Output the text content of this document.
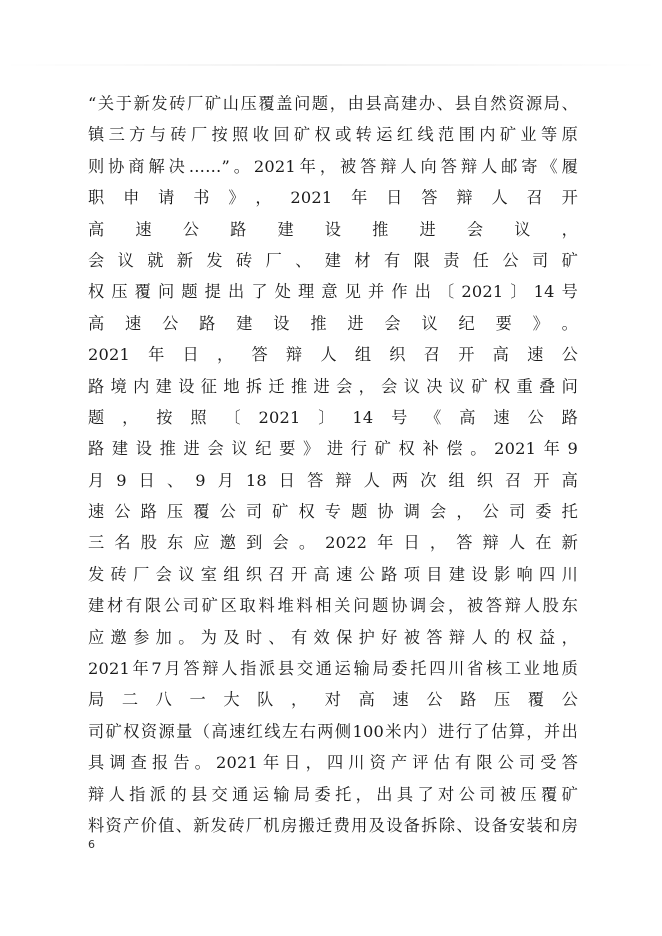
“关于新发砖厂矿山压覆盖问题，由县高建办、县自然资源局、
镇三方与砖厂按照收回矿权或转运红线范围内矿业等原
则协商解决……”。2021年，被答辩人向答辩人邮寄《履
职申请书》，2021年日答辩人召开
高速公路建设推进会议，
会议就新发砖厂、建材有限责任公司矿
权压覆问题提出了处理意见并作出〔2021〕14号
高速公路建设推进会议纪要》。
2021年日，答辩人组织召开高速公
路境内建设征地拆迁推进会，会议决议矿权重叠问
题，按照〔2021〕14号《高速公路
路建设推进会议纪要》进行矿权补偿。2021年9
月9日、9月18日答辩人两次组织召开高
速公路压覆公司矿权专题协调会，公司委托
三名股东应邀到会。2022年日，答辩人在新
发砖厂会议室组织召开高速公路项目建设影响四川
建材有限公司矿区取料堆料相关问题协调会，被答辩人股东
应邀参加。为及时、有效保护好被答辩人的权益，
2021年7月答辩人指派县交通运输局委托四川省核工业地质
局二八一大队，对高速公路压覆公
司矿权资源量（高速红线左右两侧100米内）进行了估算，并出
具调查报告。2021年日，四川资产评估有限公司受答
辩人指派的县交通运输局委托，出具了对公司被压覆矿
料资产价值、新发砖厂机房搬迁费用及设备拆除、设备安装和房
6
